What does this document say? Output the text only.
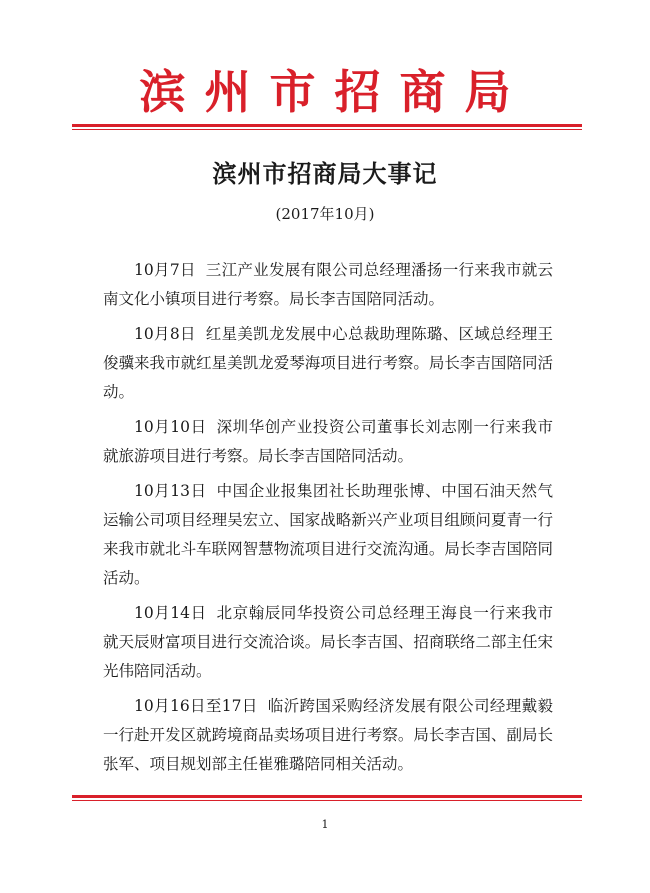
滨州市招商局
滨州市招商局大事记
(2017年10月)

10月7日 三江产业发展有限公司总经理潘扬一行来我市就云南文化小镇项目进行考察。局长李吉国陪同活动。

10月8日 红星美凯龙发展中心总裁助理陈璐、区域总经理王俊骥来我市就红星美凯龙爱琴海项目进行考察。局长李吉国陪同活动。

10月10日 深圳华创产业投资公司董事长刘志刚一行来我市就旅游项目进行考察。局长李吉国陪同活动。

10月13日 中国企业报集团社长助理张博、中国石油天然气运输公司项目经理吴宏立、国家战略新兴产业项目组顾问夏青一行来我市就北斗车联网智慧物流项目进行交流沟通。局长李吉国陪同活动。

10月14日 北京翰辰同华投资公司总经理王海良一行来我市就天辰财富项目进行交流洽谈。局长李吉国、招商联络二部主任宋光伟陪同活动。

10月16日至17日 临沂跨国采购经济发展有限公司经理戴毅一行赴开发区就跨境商品卖场项目进行考察。局长李吉国、副局长张军、项目规划部主任崔雅璐陪同相关活动。

1
